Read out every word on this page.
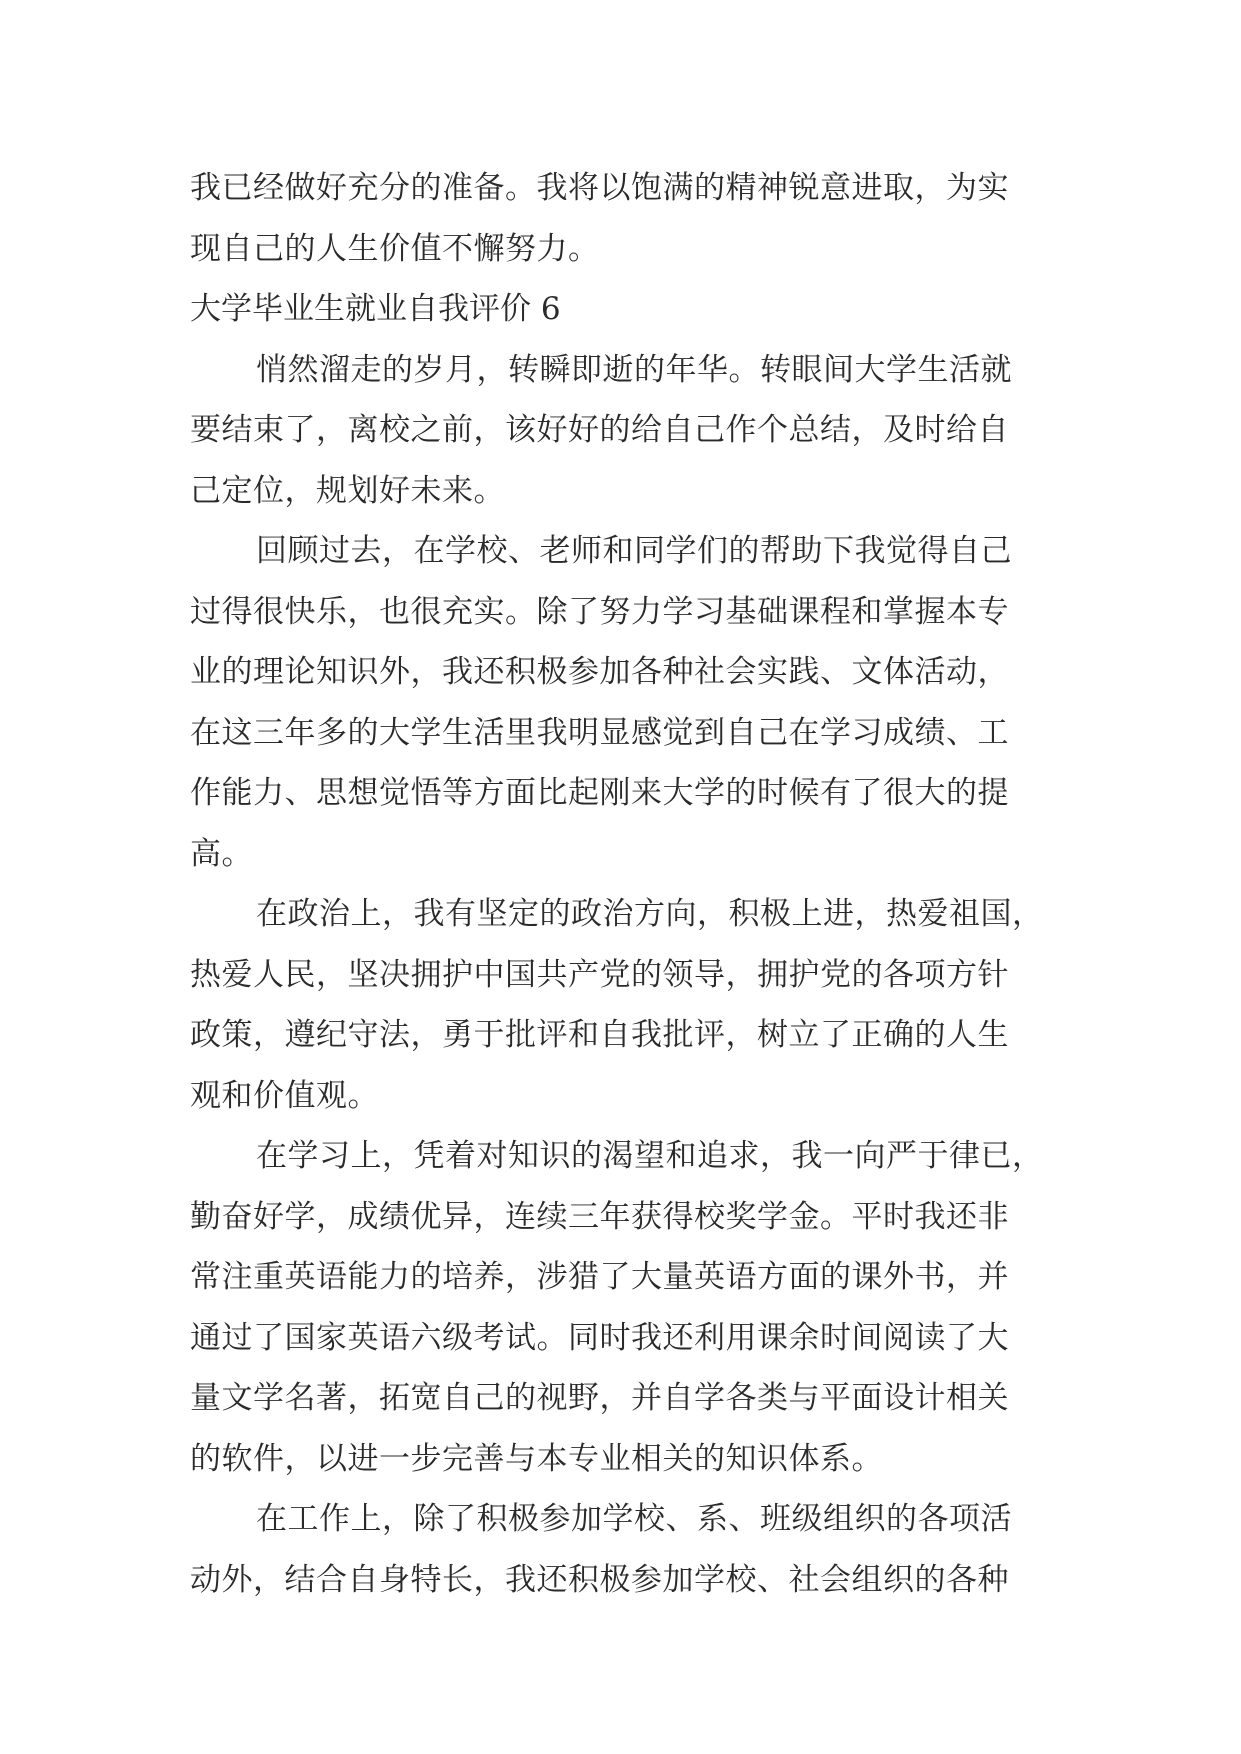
我已经做好充分的准备。我将以饱满的精神锐意进取，为实
现自己的人生价值不懈努力。
大学毕业生就业自我评价 6
悄然溜走的岁月，转瞬即逝的年华。转眼间大学生活就
要结束了，离校之前，该好好的给自己作个总结，及时给自
己定位，规划好未来。
回顾过去，在学校、老师和同学们的帮助下我觉得自己
过得很快乐，也很充实。除了努力学习基础课程和掌握本专
业的理论知识外，我还积极参加各种社会实践、文体活动，
在这三年多的大学生活里我明显感觉到自己在学习成绩、工
作能力、思想觉悟等方面比起刚来大学的时候有了很大的提
高。
在政治上，我有坚定的政治方向，积极上进，热爱祖国，
热爱人民，坚决拥护中国共产党的领导，拥护党的各项方针
政策，遵纪守法，勇于批评和自我批评，树立了正确的人生
观和价值观。
在学习上，凭着对知识的渴望和追求，我一向严于律已，
勤奋好学，成绩优异，连续三年获得校奖学金。平时我还非
常注重英语能力的培养，涉猎了大量英语方面的课外书，并
通过了国家英语六级考试。同时我还利用课余时间阅读了大
量文学名著，拓宽自己的视野，并自学各类与平面设计相关
的软件，以进一步完善与本专业相关的知识体系。
在工作上，除了积极参加学校、系、班级组织的各项活
动外，结合自身特长，我还积极参加学校、社会组织的各种
